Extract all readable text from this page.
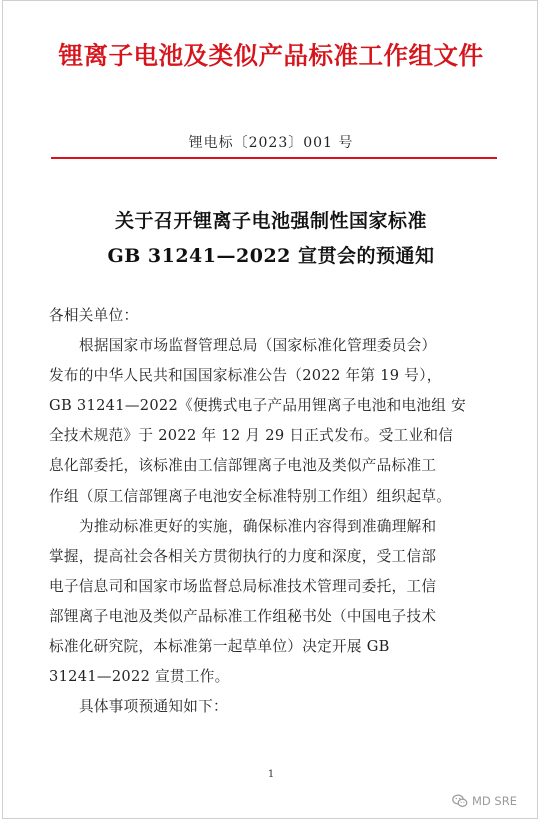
锂离子电池及类似产品标准工作组文件
锂电标〔2023〕001 号
关于召开锂离子电池强制性国家标准
GB 31241—2022 宣贯会的预通知
各相关单位：
根据国家市场监督管理总局（国家标准化管理委员会）
发布的中华人民共和国国家标准公告（2022 年第 19 号），
GB 31241—2022《便携式电子产品用锂离子电池和电池组 安
全技术规范》于 2022 年 12 月 29 日正式发布。受工业和信
息化部委托，该标准由工信部锂离子电池及类似产品标准工
作组（原工信部锂离子电池安全标准特别工作组）组织起草。
为推动标准更好的实施，确保标准内容得到准确理解和
掌握，提高社会各相关方贯彻执行的力度和深度，受工信部
电子信息司和国家市场监督总局标准技术管理司委托，工信
部锂离子电池及类似产品标准工作组秘书处（中国电子技术
标准化研究院，本标准第一起草单位）决定开展 GB
31241—2022 宣贯工作。
具体事项预通知如下：
1
MD SRE
